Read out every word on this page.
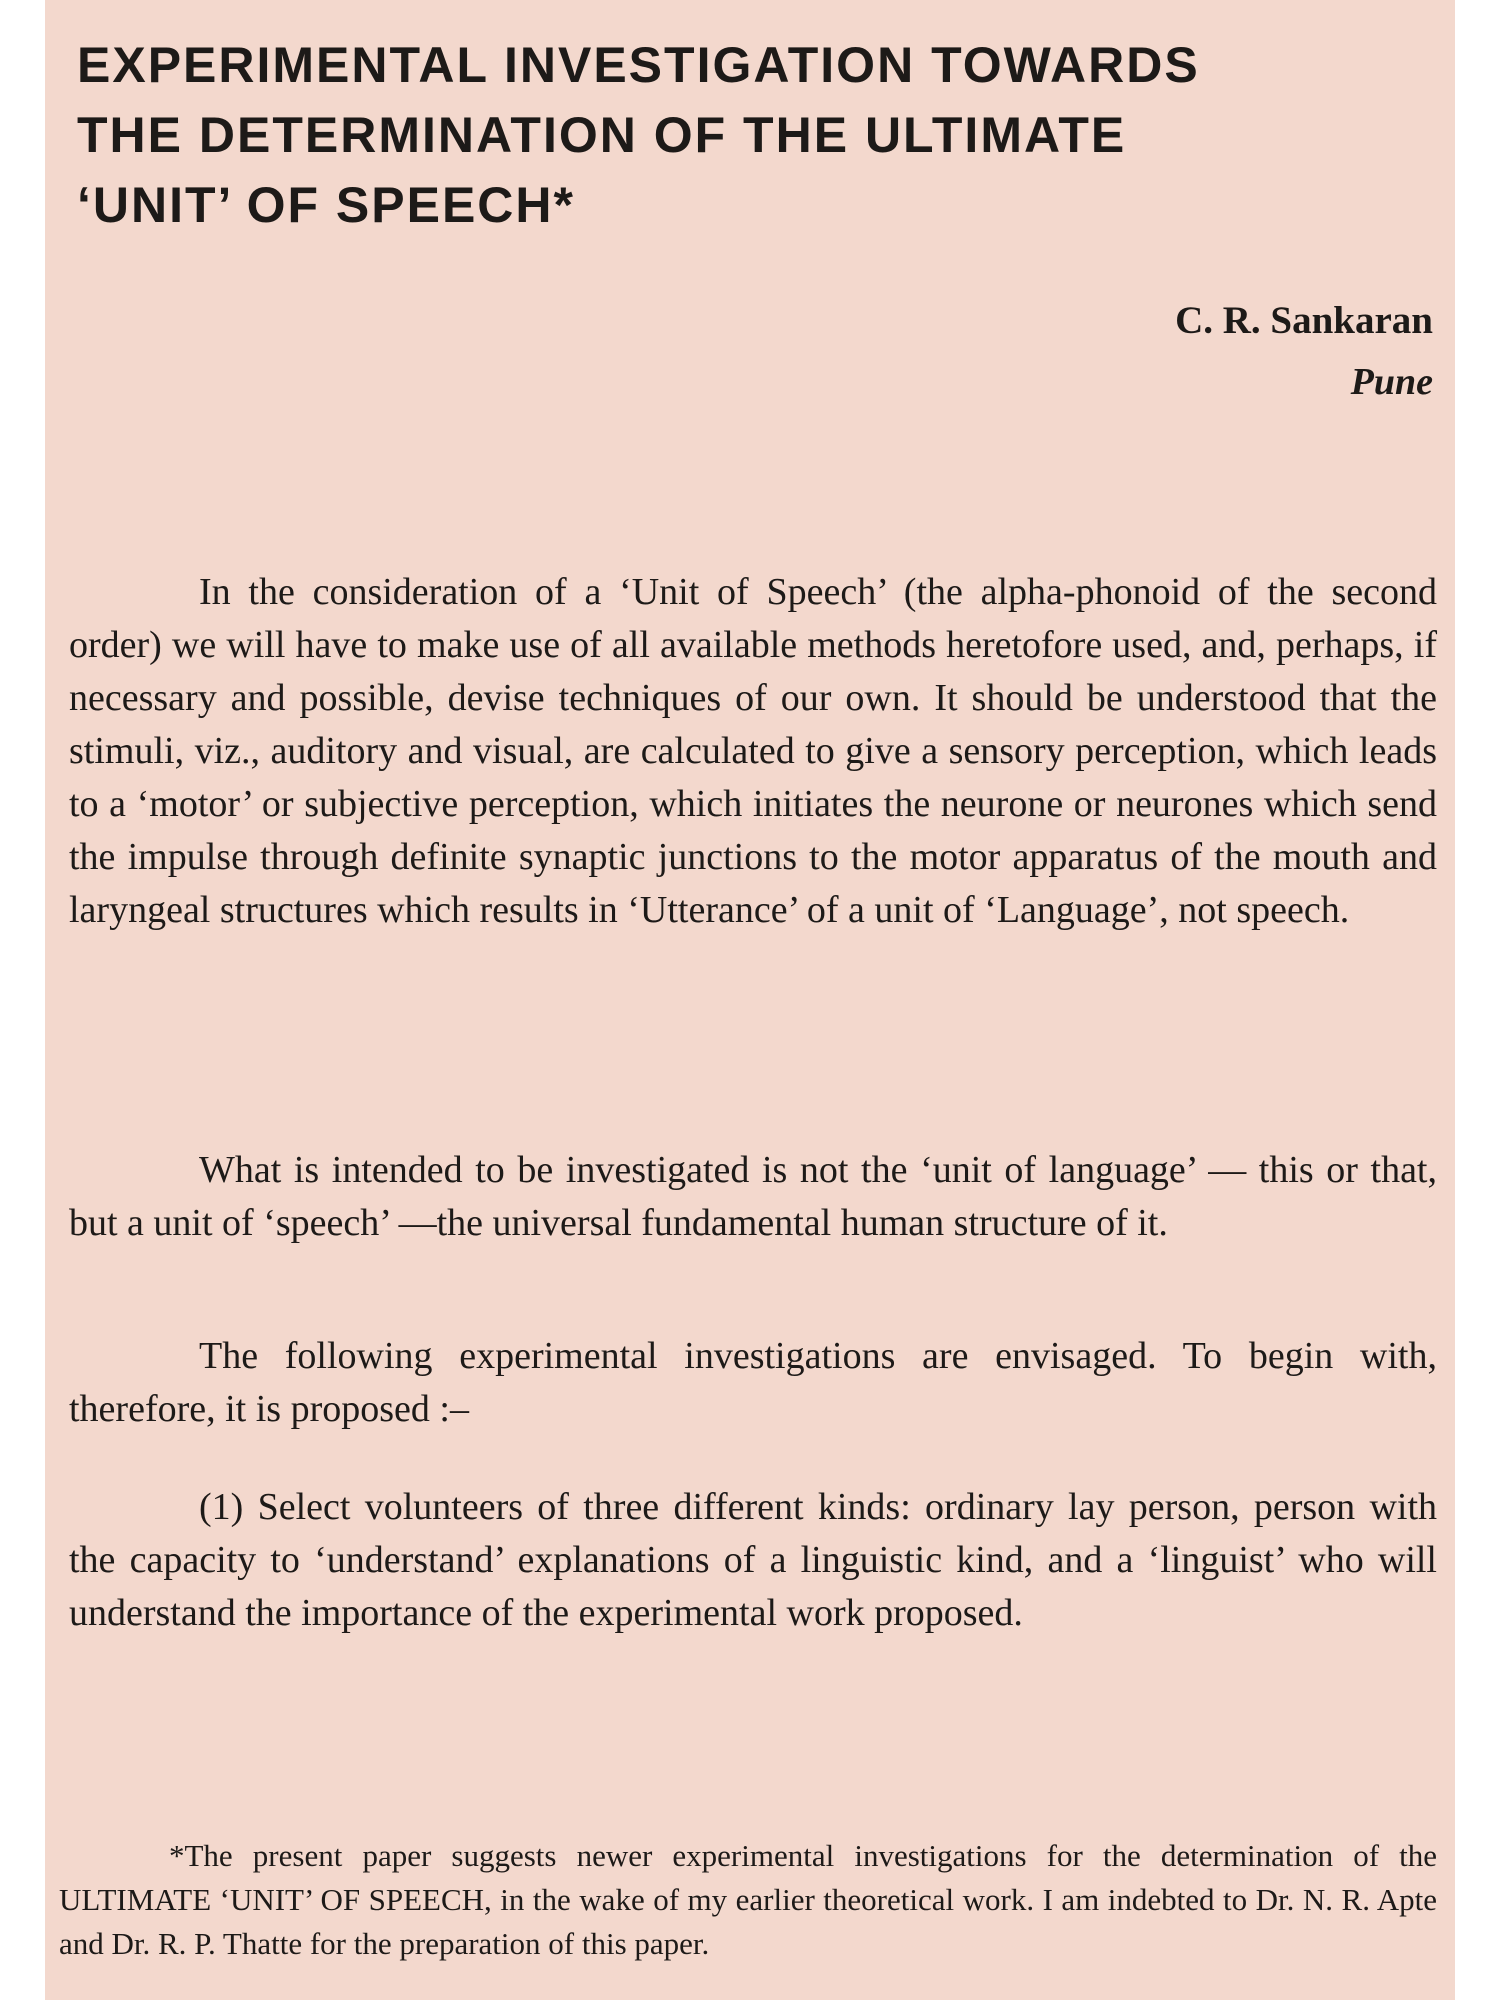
EXPERIMENTAL INVESTIGATION TOWARDS
THE DETERMINATION OF THE ULTIMATE
‘UNIT’ OF SPEECH*
C. R. Sankaran
Pune

In the consideration of a ‘Unit of Speech’ (the alpha-phonoid of the second order) we will have to make use of all available methods heretofore used, and, perhaps, if necessary and possible, devise techniques of our own. It should be understood that the stimuli, viz., auditory and visual, are calculated to give a sensory perception, which leads to a ‘motor’ or subjective perception, which initiates the neurone or neurones which send the impulse through definite synaptic junctions to the motor apparatus of the mouth and laryngeal structures which results in ‘Utterance’ of a unit of ‘Language’, not speech.

What is intended to be investigated is not the ‘unit of language’ — this or that, but a unit of ‘speech’ —the universal fundamental human structure of it.

The following experimental investigations are envisaged. To begin with, therefore, it is proposed :–

(1) Select volunteers of three different kinds: ordinary lay person, person with the capacity to ‘understand’ explanations of a linguistic kind, and a ‘linguist’ who will understand the importance of the experimental work proposed.

*The present paper suggests newer experimental investigations for the determination of the ULTIMATE ‘UNIT’ OF SPEECH, in the wake of my earlier theoretical work. I am indebted to Dr. N. R. Apte and Dr. R. P. Thatte for the preparation of this paper.
